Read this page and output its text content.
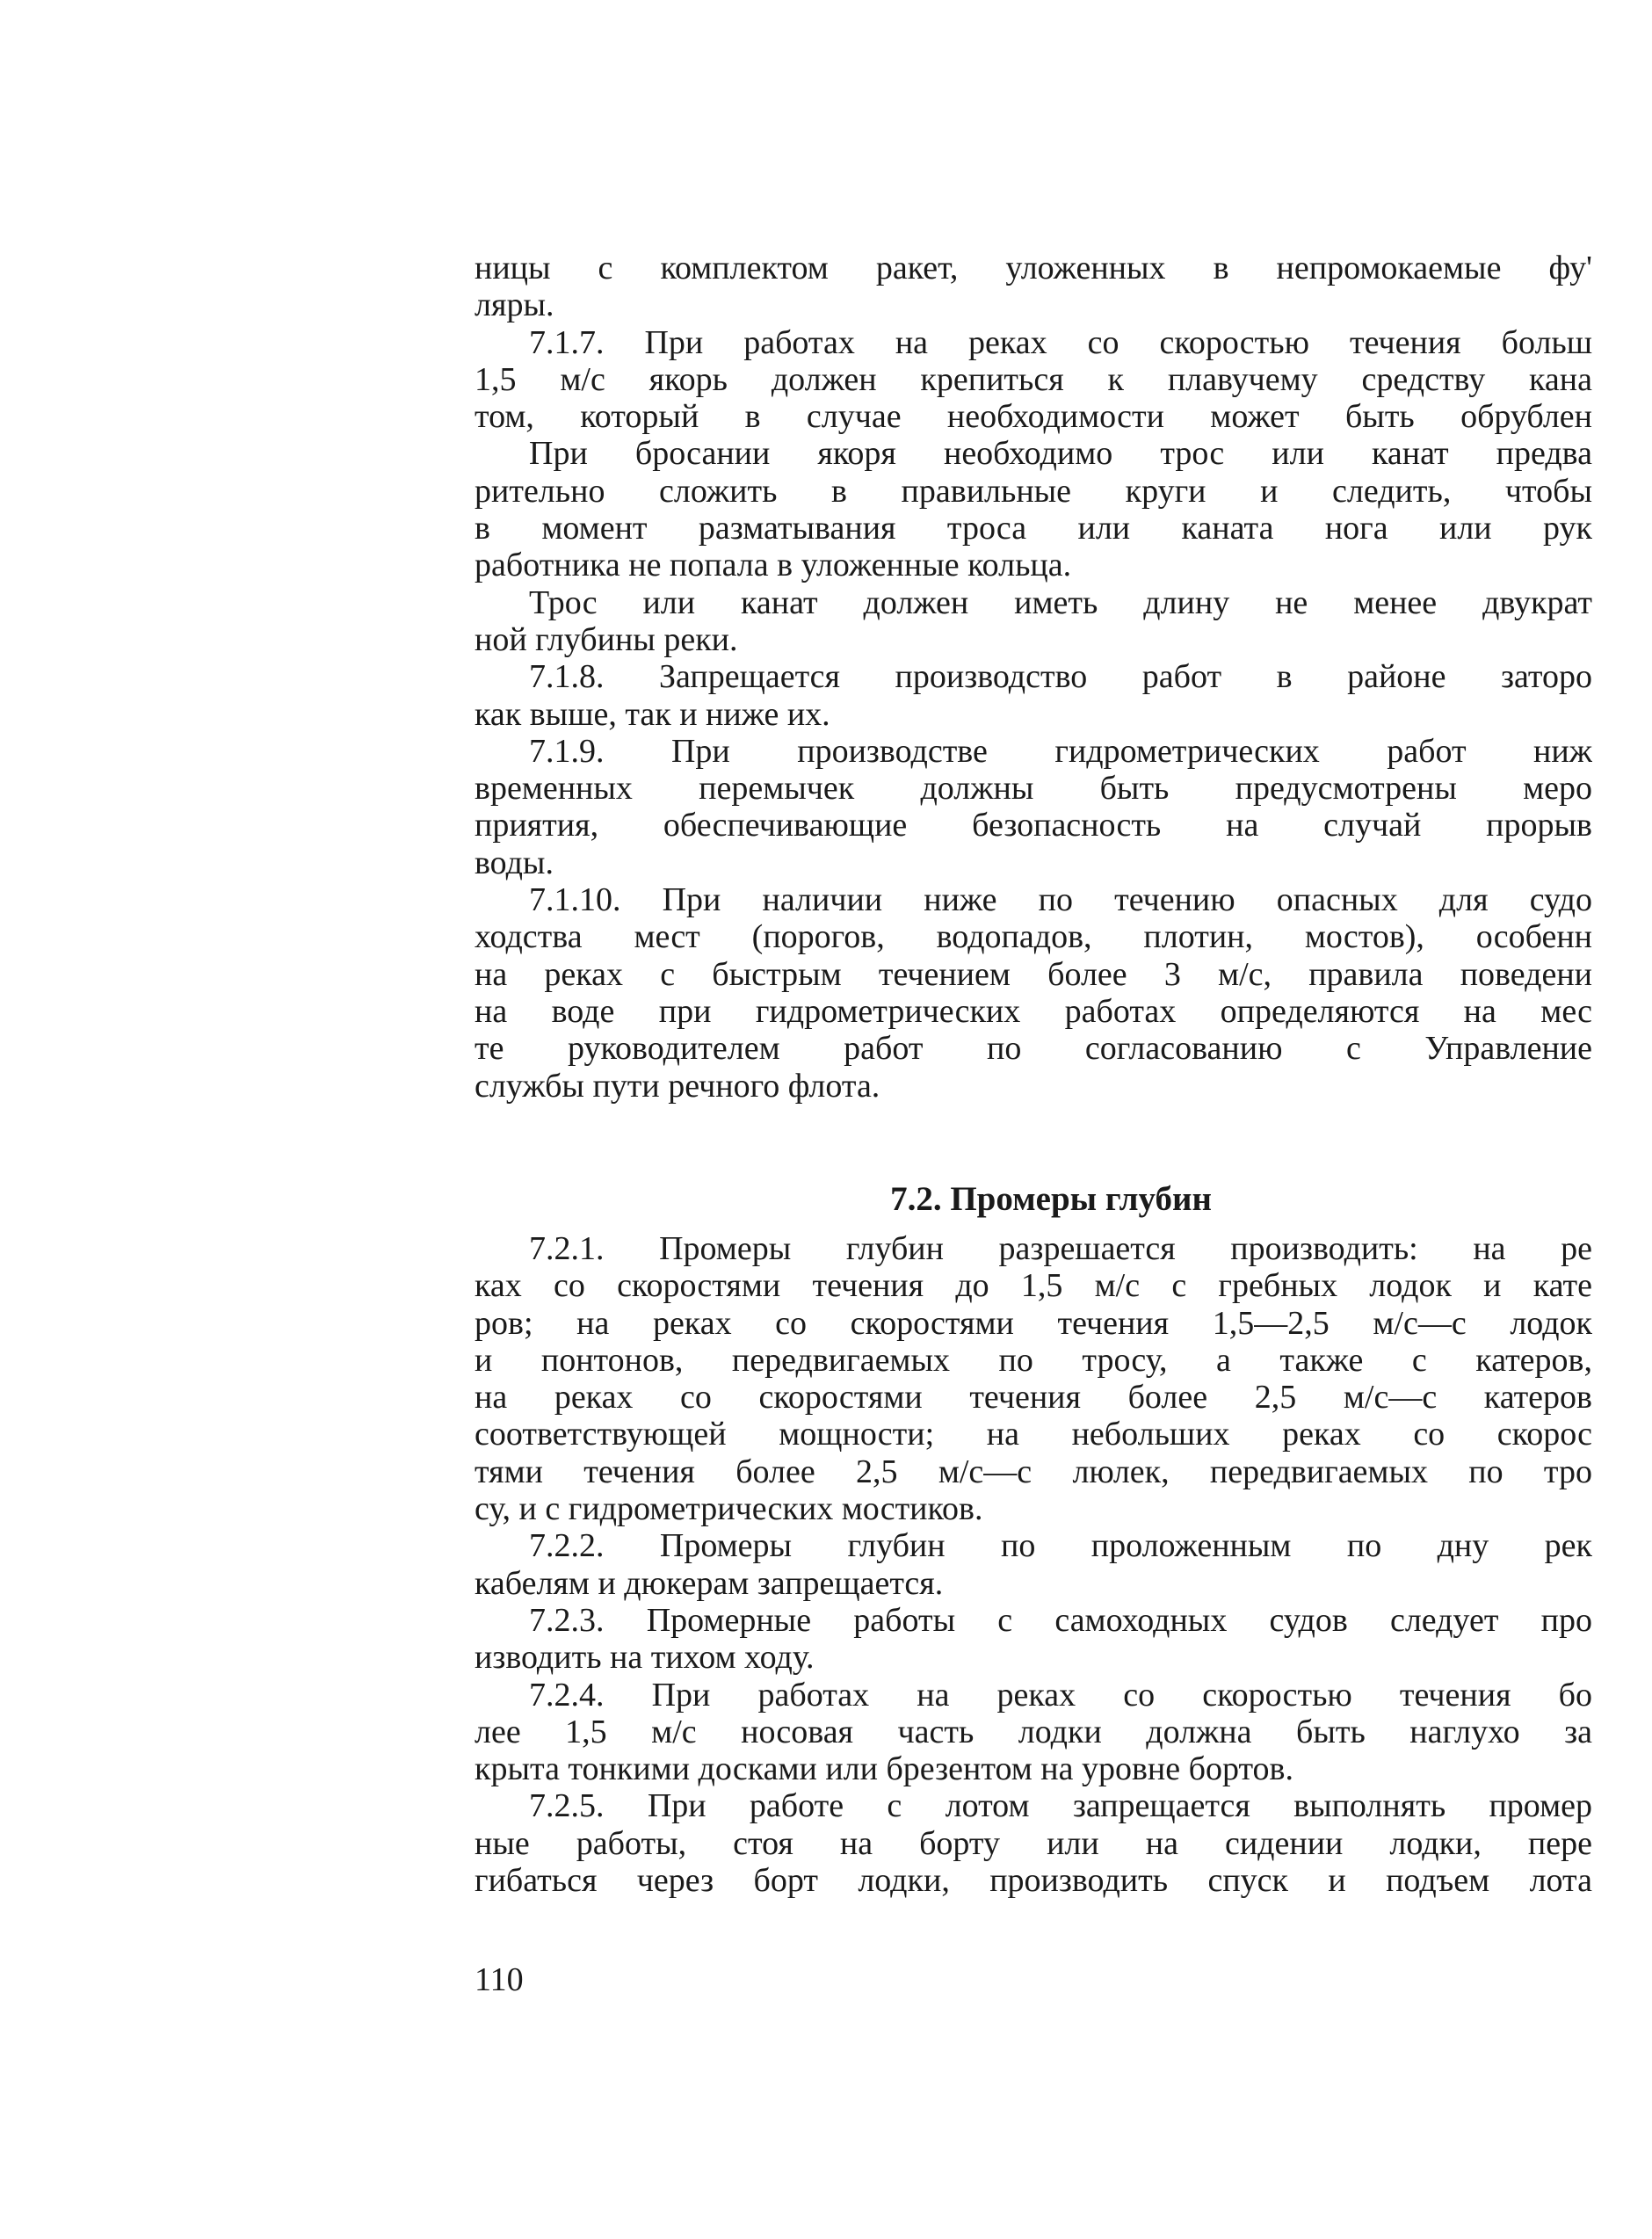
ницы с комплектом ракет, уложенных в непромокаемые фу'
ляры.
7.1.7. При работах на реках со скоростью течения больш
1,5 м/с якорь должен крепиться к плавучему средству кана
том, который в случае необходимости может быть обрублен
При бросании якоря необходимо трос или канат предва
рительно сложить в правильные круги и следить, чтобы
в момент разматывания троса или каната нога или рук
работника не попала в уложенные кольца.
Трос или канат должен иметь длину не менее двукрат
ной глубины реки.
7.1.8. Запрещается производство работ в районе заторо
как выше, так и ниже их.
7.1.9. При производстве гидрометрических работ ниж
временных перемычек должны быть предусмотрены меро
приятия, обеспечивающие безопасность на случай прорыв
воды.
7.1.10. При наличии ниже по течению опасных для судо
ходства мест (порогов, водопадов, плотин, мостов), особенн
на реках с быстрым течением более 3 м/с, правила поведени
на воде при гидрометрических работах определяются на мес
те руководителем работ по согласованию с Управление
службы пути речного флота.
7.2. Промеры глубин
7.2.1. Промеры глубин разрешается производить: на ре
ках со скоростями течения до 1,5 м/с с гребных лодок и кате
ров; на реках со скоростями течения 1,5—2,5 м/с—с лодок
и понтонов, передвигаемых по тросу, а также с катеров,
на реках со скоростями течения более 2,5 м/с—с катеров
соответствующей мощности; на небольших реках со скорос
тями течения более 2,5 м/с—с люлек, передвигаемых по тро
су, и с гидрометрических мостиков.
7.2.2. Промеры глубин по проложенным по дну рек
кабелям и дюкерам запрещается.
7.2.3. Промерные работы с самоходных судов следует про
изводить на тихом ходу.
7.2.4. При работах на реках со скоростью течения бо
лее 1,5 м/с носовая часть лодки должна быть наглухо за
крыта тонкими досками или брезентом на уровне бортов.
7.2.5. При работе с лотом запрещается выполнять промер
ные работы, стоя на борту или на сидении лодки, пере
гибаться через борт лодки, производить спуск и подъем лота
110
